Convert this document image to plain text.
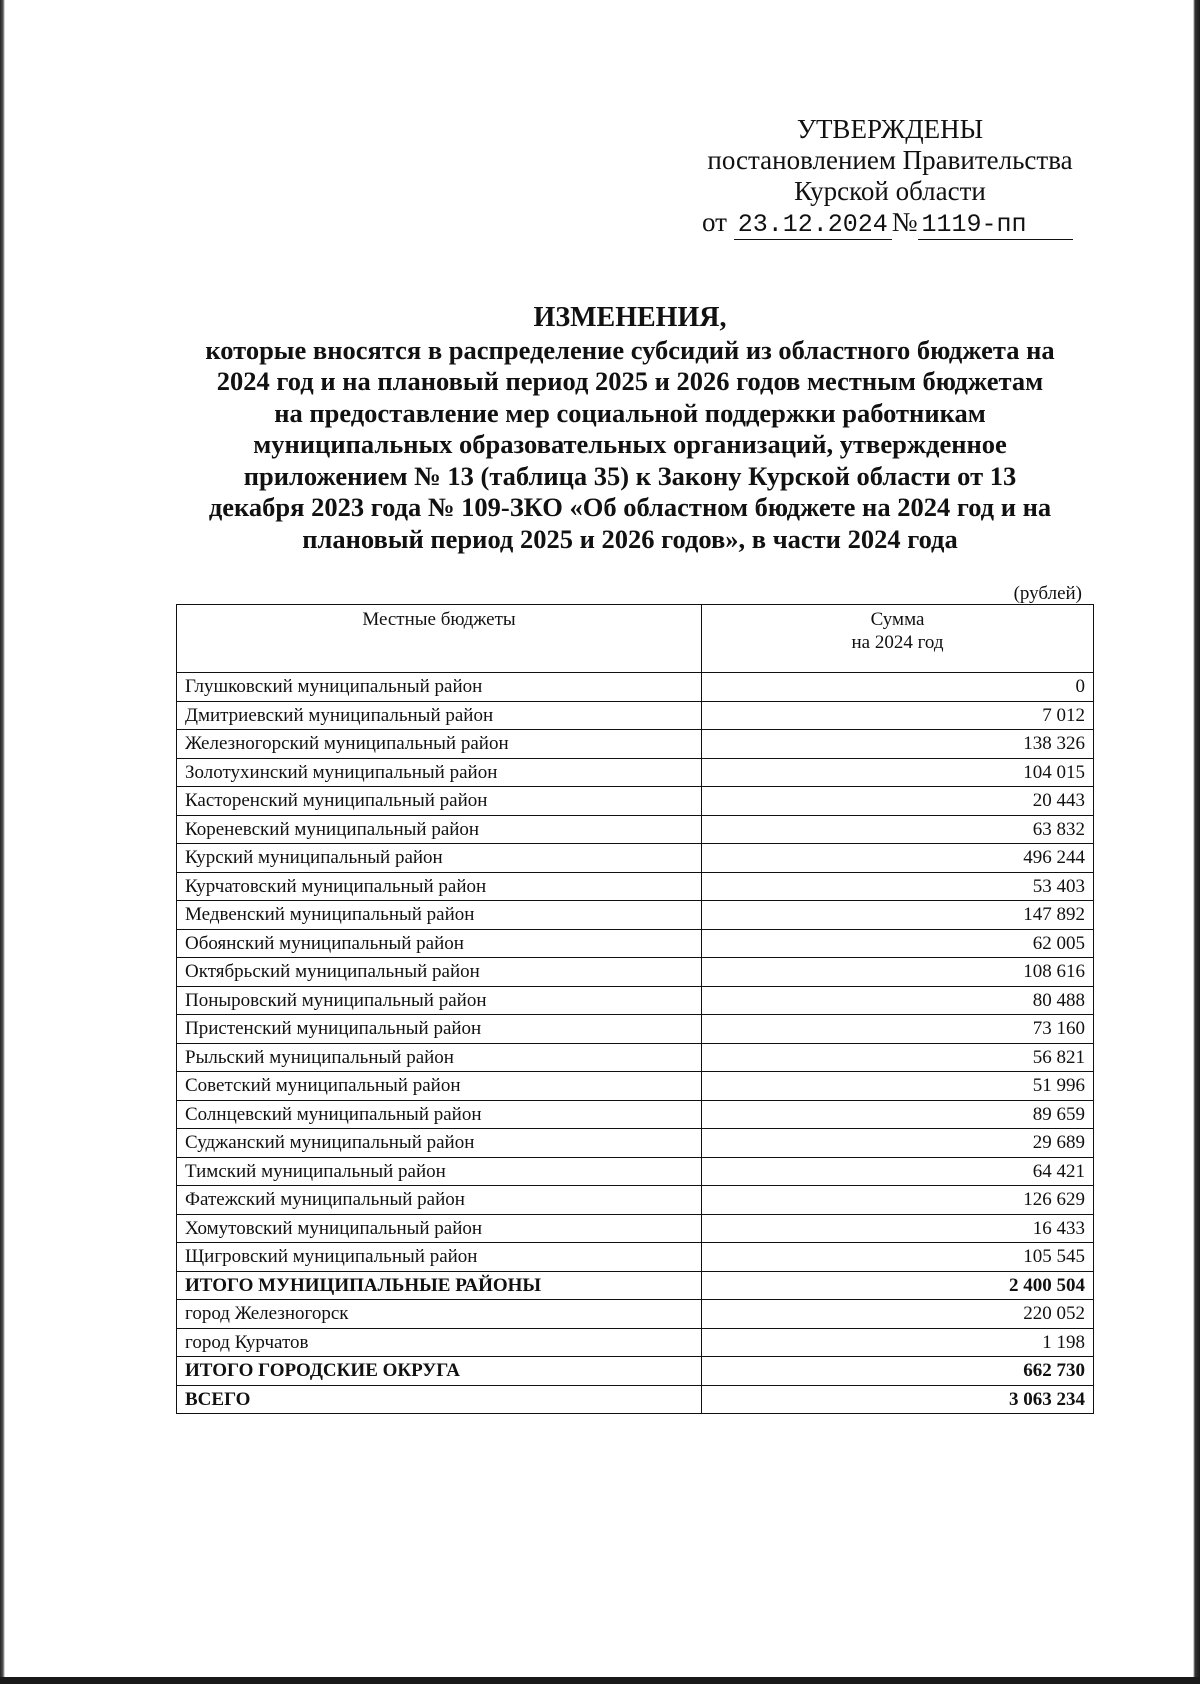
УТВЕРЖДЕНЫ
постановлением Правительства
Курской области
от 23.12.2024 № 1119-пп
ИЗМЕНЕНИЯ,
которые вносятся в распределение субсидий из областного бюджета на
2024 год и на плановый период 2025 и 2026 годов местным бюджетам
на предоставление мер социальной поддержки работникам
муниципальных образовательных организаций, утвержденное
приложением № 13 (таблица 35) к Закону Курской области от 13
декабря 2023 года № 109-ЗКО «Об областном бюджете на 2024 год и на
плановый период 2025 и 2026 годов», в части 2024 года
(рублей)
Местные бюджеты	Сумма
на 2024 год

Глушковский муниципальный район	0
Дмитриевский муниципальный район	7 012
Железногорский муниципальный район	138 326
Золотухинский муниципальный район	104 015
Касторенский муниципальный район	20 443
Кореневский муниципальный район	63 832
Курский муниципальный район	496 244
Курчатовский муниципальный район	53 403
Медвенский муниципальный район	147 892
Обоянский муниципальный район	62 005
Октябрьский муниципальный район	108 616
Поныровский муниципальный район	80 488
Пристенский муниципальный район	73 160
Рыльский муниципальный район	56 821
Советский муниципальный район	51 996
Солнцевский муниципальный район	89 659
Суджанский муниципальный район	29 689
Тимский муниципальный район	64 421
Фатежский муниципальный район	126 629
Хомутовский муниципальный район	16 433
Щигровский муниципальный район	105 545
ИТОГО МУНИЦИПАЛЬНЫЕ РАЙОНЫ	2 400 504
город Железногорск	220 052
город Курчатов	1 198
ИТОГО ГОРОДСКИЕ ОКРУГА	662 730
ВСЕГО	3 063 234
